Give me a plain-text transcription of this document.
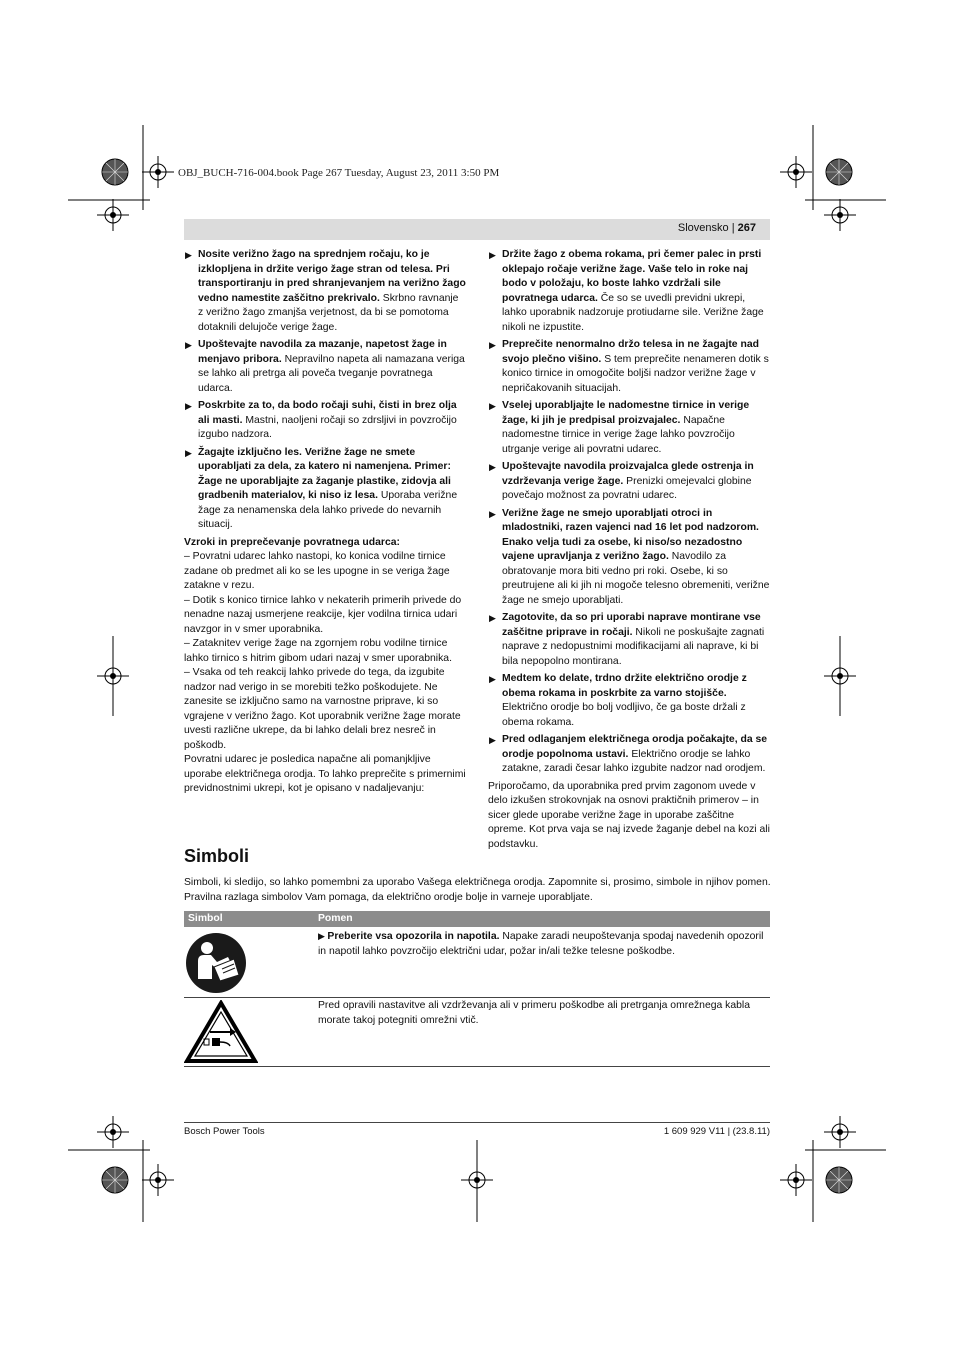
OBJ_BUCH-716-004.book Page 267 Tuesday, August 23, 2011 3:50 PM
Slovensko | 267
▶ Nosite verižno žago na sprednjem ročaju, ko je izklopljena in držite verigo žage stran od telesa. Pri transportiranju in pred shranjevanjem na verižno žago vedno namestite zaščitno prekrivalo. Skrbno ravnanje z verižno žago zmanjša verjetnost, da bi se pomotoma dotaknili delujoče verige žage.
▶ Upoštevajte navodila za mazanje, napetost žage in menjavo pribora. Nepravilno napeta ali namazana veriga se lahko ali pretrga ali poveča tveganje povratnega udarca.
▶ Poskrbite za to, da bodo ročaji suhi, čisti in brez olja ali masti. Mastni, naoljeni ročaji so zdrsljivi in povzročijo izgubo nadzora.
▶ Žagajte izključno les. Verižne žage ne smete uporabljati za dela, za katero ni namenjena. Primer: Žage ne uporabljajte za žaganje plastike, zidovja ali gradbenih materialov, ki niso iz lesa. Uporaba verižne žage za nenamenska dela lahko privede do nevarnih situacij.

Vzroki in preprečevanje povratnega udarca:

– Povratni udarec lahko nastopi, ko konica vodilne tirnice zadane ob predmet ali ko se les upogne in se veriga žage zatakne v rezu.

– Dotik s konico tirnice lahko v nekaterih primerih privede do nenadne nazaj usmerjene reakcije, kjer vodilna tirnica udari navzgor in v smer uporabnika.

– Zataknitev verige žage na zgornjem robu vodilne tirnice lahko tirnico s hitrim gibom udari nazaj v smer uporabnika.

– Vsaka od teh reakcij lahko privede do tega, da izgubite nadzor nad verigo in se morebiti težko poškodujete. Ne zanesite se izključno samo na varnostne priprave, ki so vgrajene v verižno žago. Kot uporabnik verižne žage morate uvesti različne ukrepe, da bi lahko delali brez nesreč in poškodb.

Povratni udarec je posledica napačne ali pomanjkljive uporabe električnega orodja. To lahko preprečite s primernimi previdnostnimi ukrepi, kot je opisano v nadaljevanju:

▶ Držite žago z obema rokama, pri čemer palec in prsti oklepajo ročaje verižne žage. Vaše telo in roke naj bodo v položaju, ko boste lahko vzdržali sile povratnega udarca. Če so se uvedli previdni ukrepi, lahko uporabnik nadzoruje protiudarne sile. Verižne žage nikoli ne izpustite.
▶ Preprečite nenormalno držo telesa in ne žagajte nad svojo plečno višino. S tem preprečite nenameren dotik s konico tirnice in omogočite boljši nadzor verižne žage v nepričakovanih situacijah.
▶ Vselej uporabljajte le nadomestne tirnice in verige žage, ki jih je predpisal proizvajalec. Napačne nadomestne tirnice in verige žage lahko povzročijo utrganje verige ali povratni udarec.
▶ Upoštevajte navodila proizvajalca glede ostrenja in vzdrževanja verige žage. Prenizki omejevalci globine povečajo možnost za povratni udarec.
▶ Verižne žage ne smejo uporabljati otroci in mladostniki, razen vajenci nad 16 let pod nadzorom. Enako velja tudi za osebe, ki niso/so nezadostno vajene upravljanja z verižno žago. Navodilo za obratovanje mora biti vedno pri roki. Osebe, ki so preutrujene ali ki jih ni mogoče telesno obremeniti, verižne žage ne smejo uporabljati.
▶ Zagotovite, da so pri uporabi naprave montirane vse zaščitne priprave in ročaji. Nikoli ne poskušajte zagnati naprave z nedopustnimi modifikacijami ali naprave, ki bi bila nepopolno montirana.
▶ Medtem ko delate, trdno držite električno orodje z obema rokama in poskrbite za varno stojišče. Električno orodje bo bolj vodljivo, če ga boste držali z obema rokama.
▶ Pred odlaganjem električnega orodja počakajte, da se orodje popolnoma ustavi. Električno orodje se lahko zatakne, zaradi česar lahko izgubite nadzor nad orodjem.

Priporočamo, da uporabnika pred prvim zagonom uvede v delo izkušen strokovnjak na osnovi praktičnih primerov – in sicer glede uporabe verižne žage in uporabe zaščitne opreme. Kot prva vaja se naj izvede žaganje debel na kozi ali podstavku.

Simboli
Simboli, ki sledijo, so lahko pomembni za uporabo Vašega električnega orodja. Zapomnite si, prosimo, simbole in njihov pomen. Pravilna razlaga simbolov Vam pomaga, da električno orodje bolje in varneje uporabljate.
Simbol	Pomen
▶ Preberite vsa opozorila in napotila. Napake zaradi neupoštevanja spodaj navedenih opozoril in napotil lahko povzročijo električni udar, požar in/ali težke telesne poškodbe.
Pred opravili nastavitve ali vzdrževanja ali v primeru poškodbe ali pretrganja omrežnega kabla morate takoj potegniti omrežni vtič.
Bosch Power Tools	1 609 929 V11 | (23.8.11)
